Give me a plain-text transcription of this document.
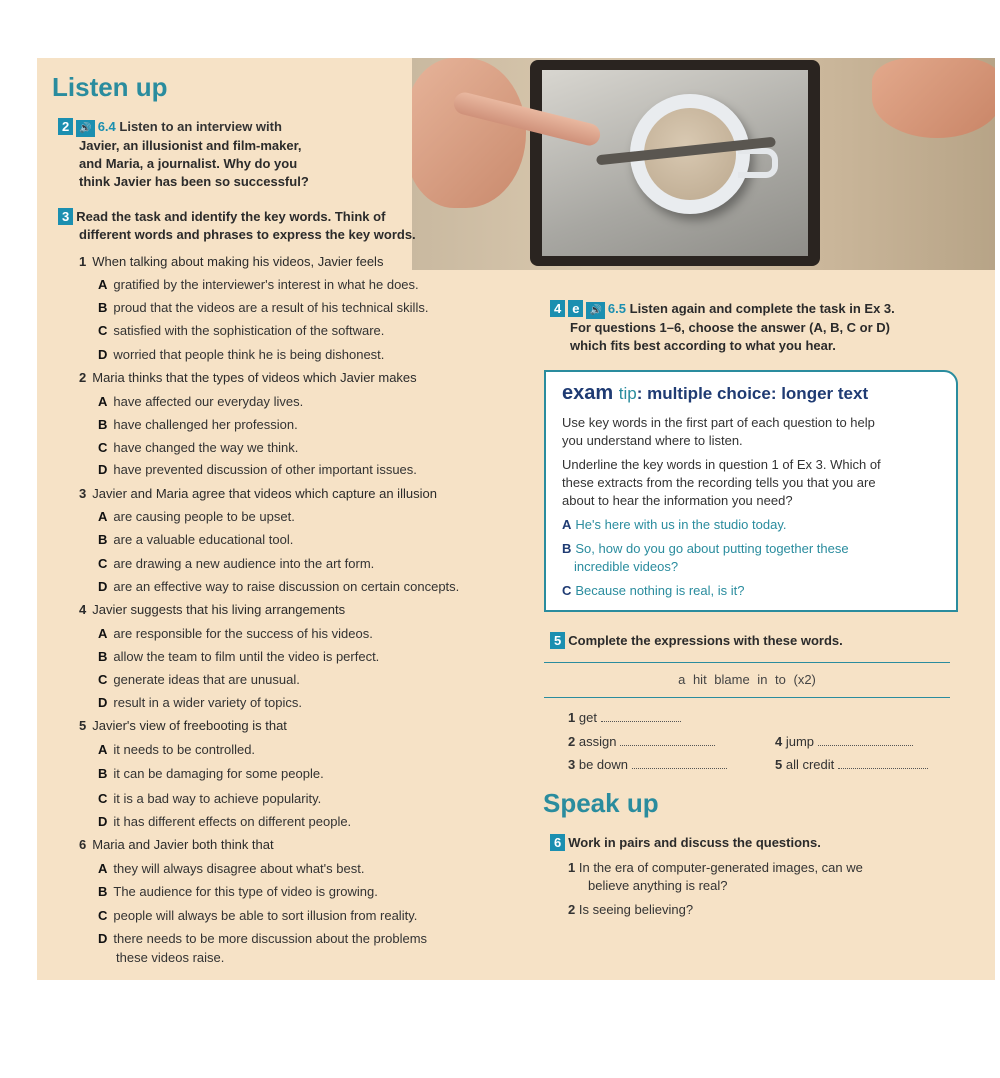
Listen up
2 🔊 6.4 Listen to an interview with
Javier, an illusionist and film-maker,
and Maria, a journalist. Why do you
think Javier has been so successful?
3 Read the task and identify the key words. Think of
different words and phrases to express the key words.
1 When talking about making his videos, Javier feels
A gratified by the interviewer's interest in what he does.
B proud that the videos are a result of his technical skills.
C satisfied with the sophistication of the software.
D worried that people think he is being dishonest.
2 Maria thinks that the types of videos which Javier makes
A have affected our everyday lives.
B have challenged her profession.
C have changed the way we think.
D have prevented discussion of other important issues.
3 Javier and Maria agree that videos which capture an illusion
A are causing people to be upset.
B are a valuable educational tool.
C are drawing a new audience into the art form.
D are an effective way to raise discussion on certain concepts.
4 Javier suggests that his living arrangements
A are responsible for the success of his videos.
B allow the team to film until the video is perfect.
C generate ideas that are unusual.
D result in a wider variety of topics.
5 Javier's view of freebooting is that
A it needs to be controlled.
B it can be damaging for some people.
C it is a bad way to achieve popularity.
D it has different effects on different people.
6 Maria and Javier both think that
A they will always disagree about what's best.
B The audience for this type of video is growing.
C people will always be able to sort illusion from reality.
D there needs to be more discussion about the problems
these videos raise.
4 e 🔊 6.5 Listen again and complete the task in Ex 3.
For questions 1–6, choose the answer (A, B, C or D)
which fits best according to what you hear.
exam tip: multiple choice: longer text
Use key words in the first part of each question to help
you understand where to listen.
Underline the key words in question 1 of Ex 3. Which of
these extracts from the recording tells you that you are
about to hear the information you need?
A He's here with us in the studio today.
B So, how do you go about putting together these
incredible videos?
C Because nothing is real, is it?
5 Complete the expressions with these words.
a hit blame in to (x2)
1 get
2 assign
3 be down
4 jump
5 all credit
Speak up
6 Work in pairs and discuss the questions.
1 In the era of computer-generated images, can we
believe anything is real?
2 Is seeing believing?
